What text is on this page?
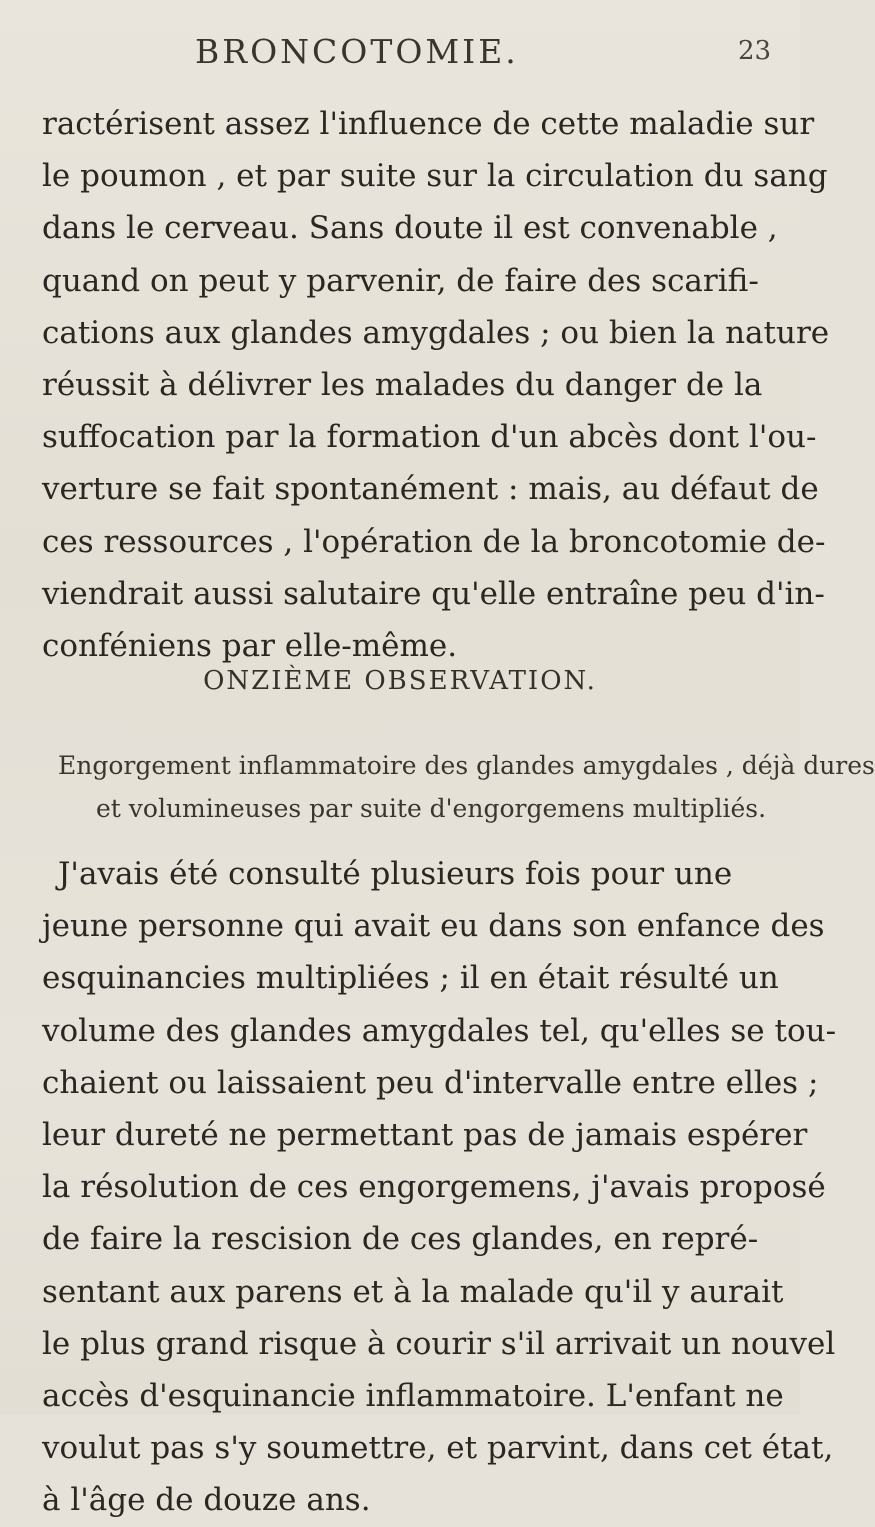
BRONCOTOMIE.	23
ractérisent assez l'influence de cette maladie sur
le poumon , et par suite sur la circulation du sang
dans le cerveau. Sans doute il est convenable ,
quand on peut y parvenir, de faire des scarifi-
cations aux glandes amygdales ; ou bien la nature
réussit à délivrer les malades du danger de la
suffocation par la formation d'un abcès dont l'ou-
verture se fait spontanément : mais, au défaut de
ces ressources , l'opération de la broncotomie de-
viendrait aussi salutaire qu'elle entraîne peu d'in-
conféniens par elle-même.
ONZIÈME OBSERVATION.
Engorgement inflammatoire des glandes amygdales , déjà dures
et volumineuses par suite d'engorgemens multipliés.
J'avais été consulté plusieurs fois pour une
jeune personne qui avait eu dans son enfance des
esquinancies multipliées ; il en était résulté un
volume des glandes amygdales tel, qu'elles se tou-
chaient ou laissaient peu d'intervalle entre elles ;
leur dureté ne permettant pas de jamais espérer
la résolution de ces engorgemens, j'avais proposé
de faire la rescision de ces glandes, en repré-
sentant aux parens et à la malade qu'il y aurait
le plus grand risque à courir s'il arrivait un nouvel
accès d'esquinancie inflammatoire. L'enfant ne
voulut pas s'y soumettre, et parvint, dans cet état,
à l'âge de douze ans.
